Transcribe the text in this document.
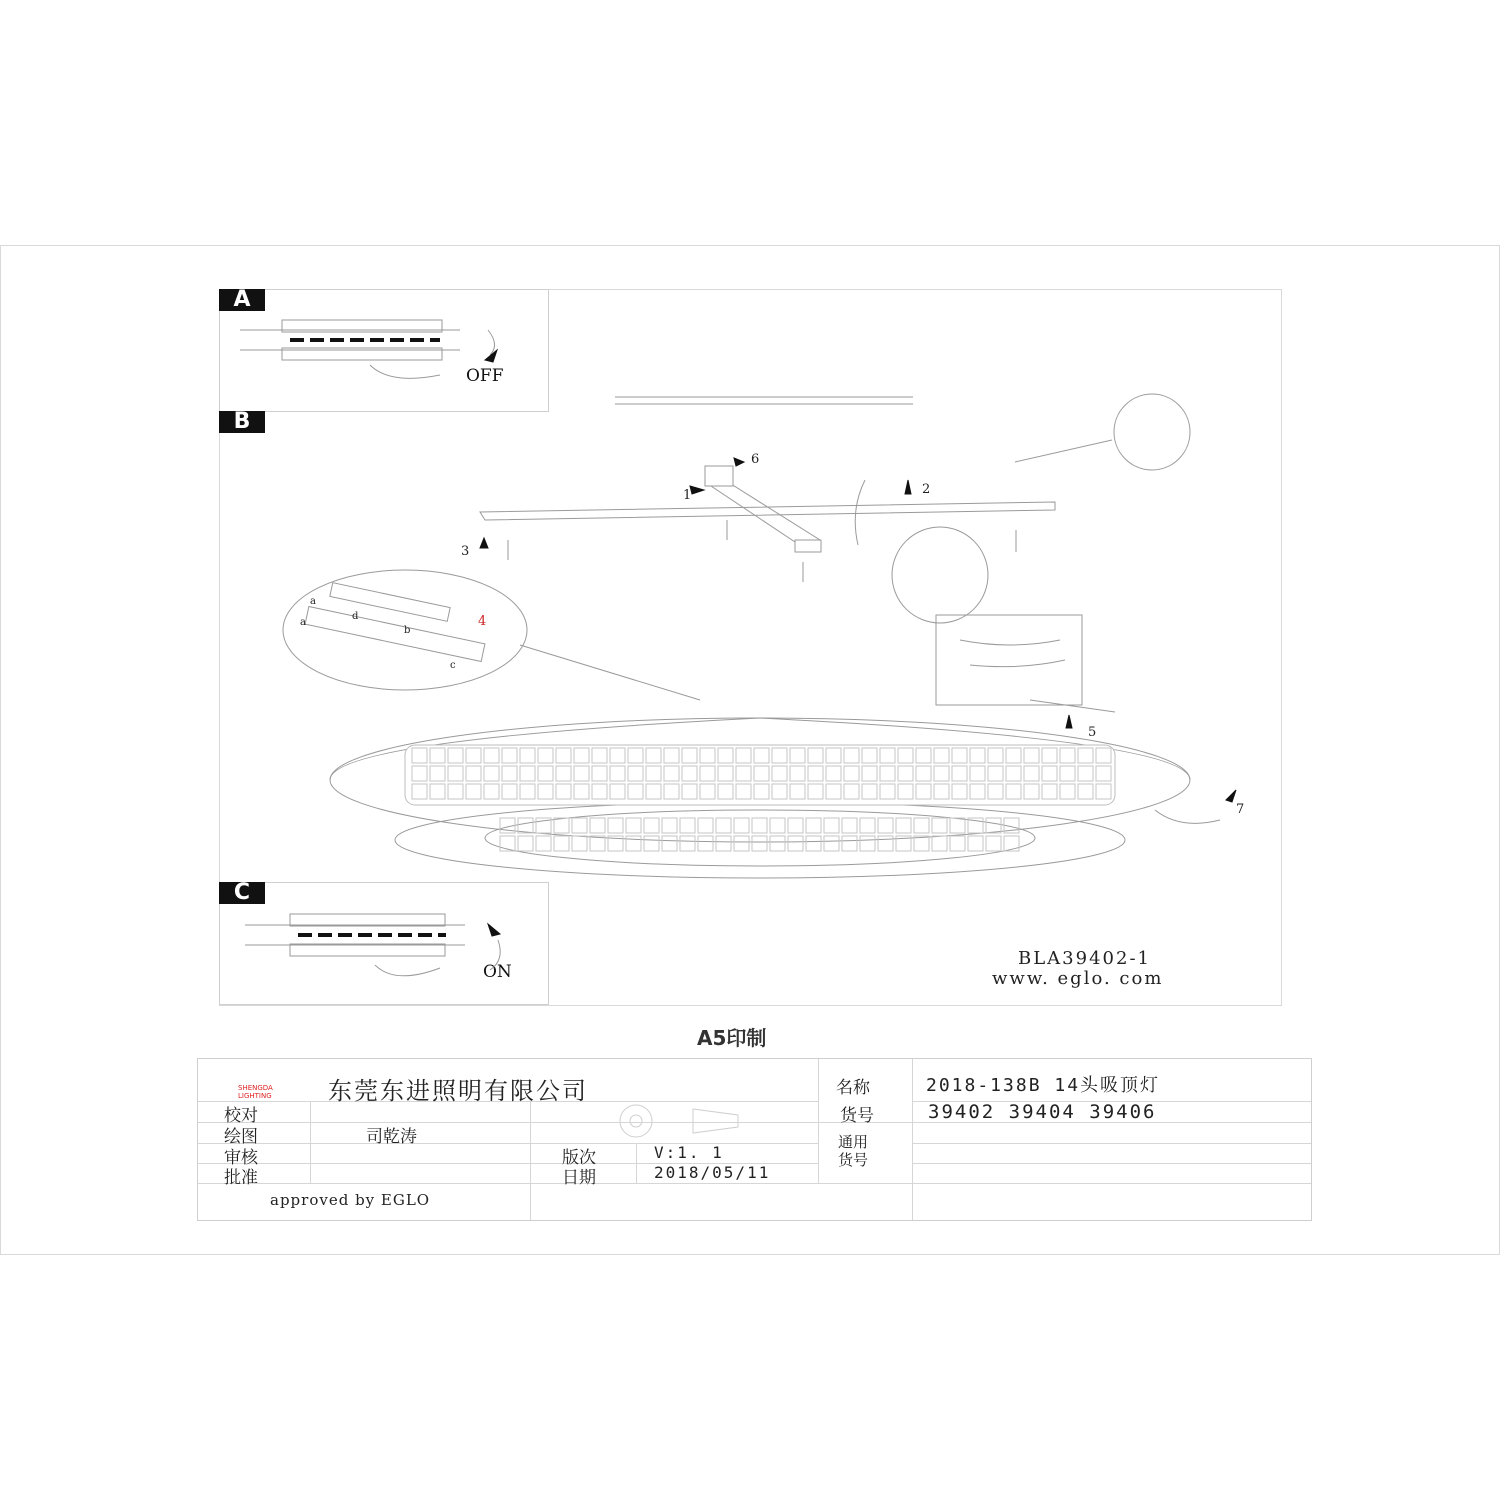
A
OFF
B
C
ON
1	2
3
4
5
6
7
a
a
d
b
c
BLA39402-1
www. eglo. com
A5印制
SHENGDA LIGHTING	东莞东进照明有限公司
校对
绘图	司乾涛
审核
批准
approved by EGLO
版次	V:1. 1
日期	2018/05/11
名称	2018-138B 14头吸顶灯
货号	39402 39404 39406
通用
货号
